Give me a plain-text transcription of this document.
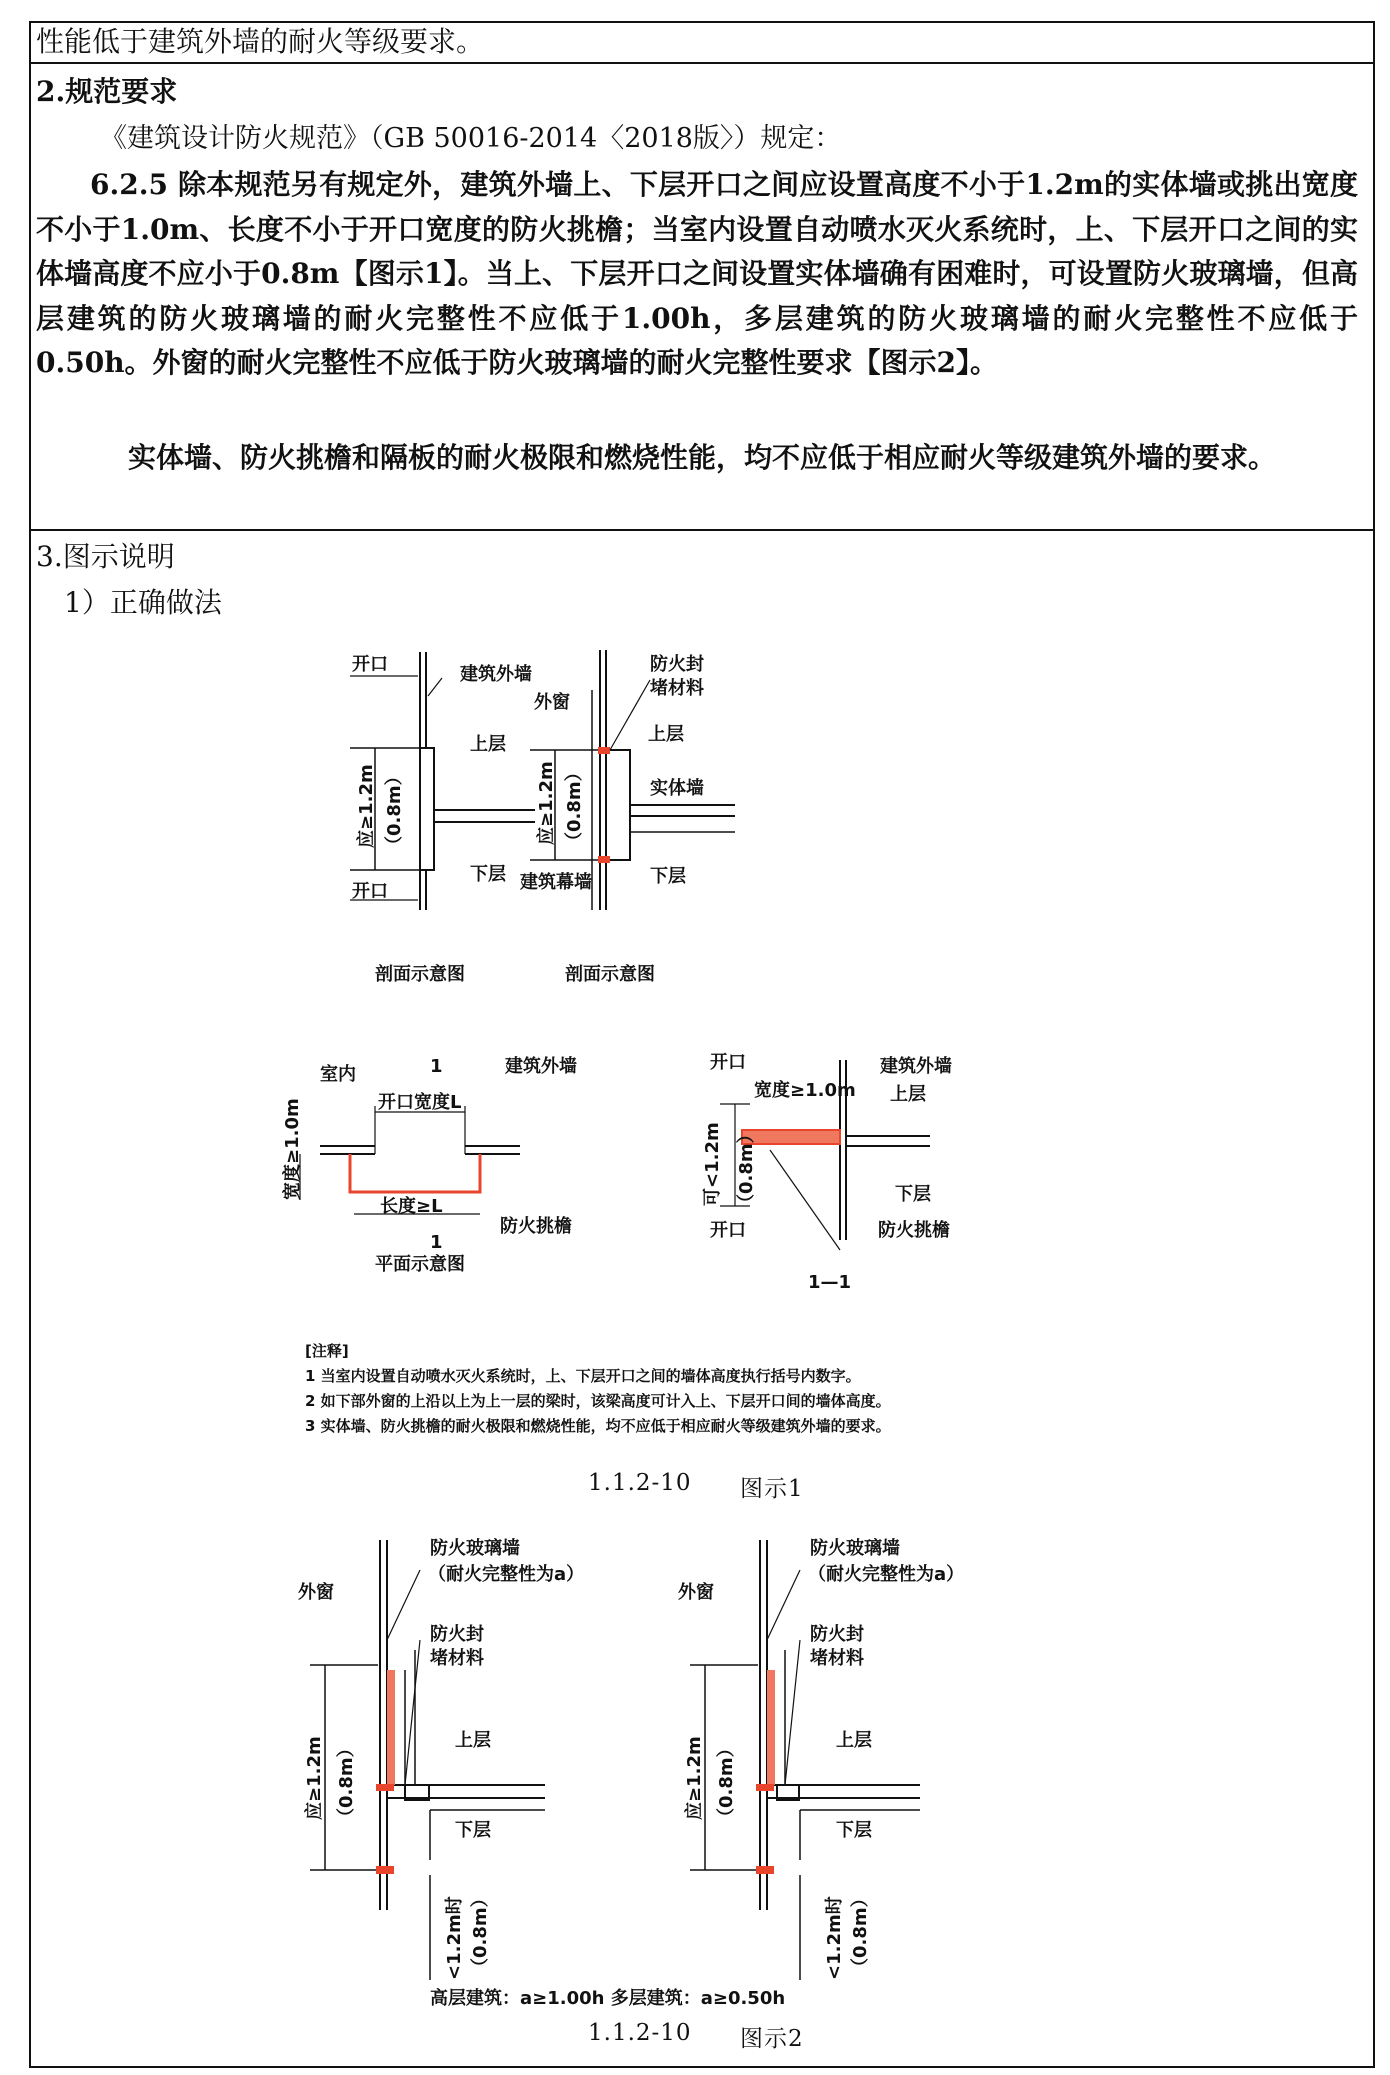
性能低于建筑外墙的耐火等级要求。
2.规范要求
《建筑设计防火规范》（GB 50016-2014〈2018版〉）规定：
6.2.5 除本规范另有规定外，建筑外墙上、下层开口之间应设置高度不小于1.2m的实体墙或挑出宽度不小于1.0m、长度不小于开口宽度的防火挑檐；当室内设置自动喷水灭火系统时，上、下层开口之间的实体墙高度不应小于0.8m【图示1】。当上、下层开口之间设置实体墙确有困难时，可设置防火玻璃墙，但高层建筑的防火玻璃墙的耐火完整性不应低于1.00h，多层建筑的防火玻璃墙的耐火完整性不应低于0.50h。外窗的耐火完整性不应低于防火玻璃墙的耐火完整性要求【图示2】。
实体墙、防火挑檐和隔板的耐火极限和燃烧性能，均不应低于相应耐火等级建筑外墙的要求。
3.图示说明
1）正确做法
开口	建筑外墙
上层
下层
开口
应≥1.2m （0.8m）
剖面示意图
防火封
堵材料
外窗
上层
实体墙
下层
建筑幕墙
应≥1.2m （0.8m）
剖面示意图
室内	1	建筑外墙
开口宽度L
宽度≥1.0m
长度≥L
防火挑檐
1
平面示意图
开口	建筑外墙
宽度≥1.0m 上层
可<1.2m （0.8m）	下层
开口	防火挑檐
1—1
[注释]
1 当室内设置自动喷水灭火系统时，上、下层开口之间的墙体高度执行括号内数字。
2 如下部外窗的上沿以上为上一层的梁时，该梁高度可计入上、下层开口间的墙体高度。
3 实体墙、防火挑檐的耐火极限和燃烧性能，均不应低于相应耐火等级建筑外墙的要求。
1.1.2-10 图示1
防火玻璃墙
（耐火完整性为a）
外窗
防火封
堵材料
上层
下层
应≥1.2m （0.8m）
<1.2m时 （0.8m）
防火玻璃墙
（耐火完整性为a）
外窗
防火封
堵材料
上层
下层
应≥1.2m （0.8m）
<1.2m时 （0.8m）
高层建筑：a≥1.00h 多层建筑：a≥0.50h
1.1.2-10 图示2
